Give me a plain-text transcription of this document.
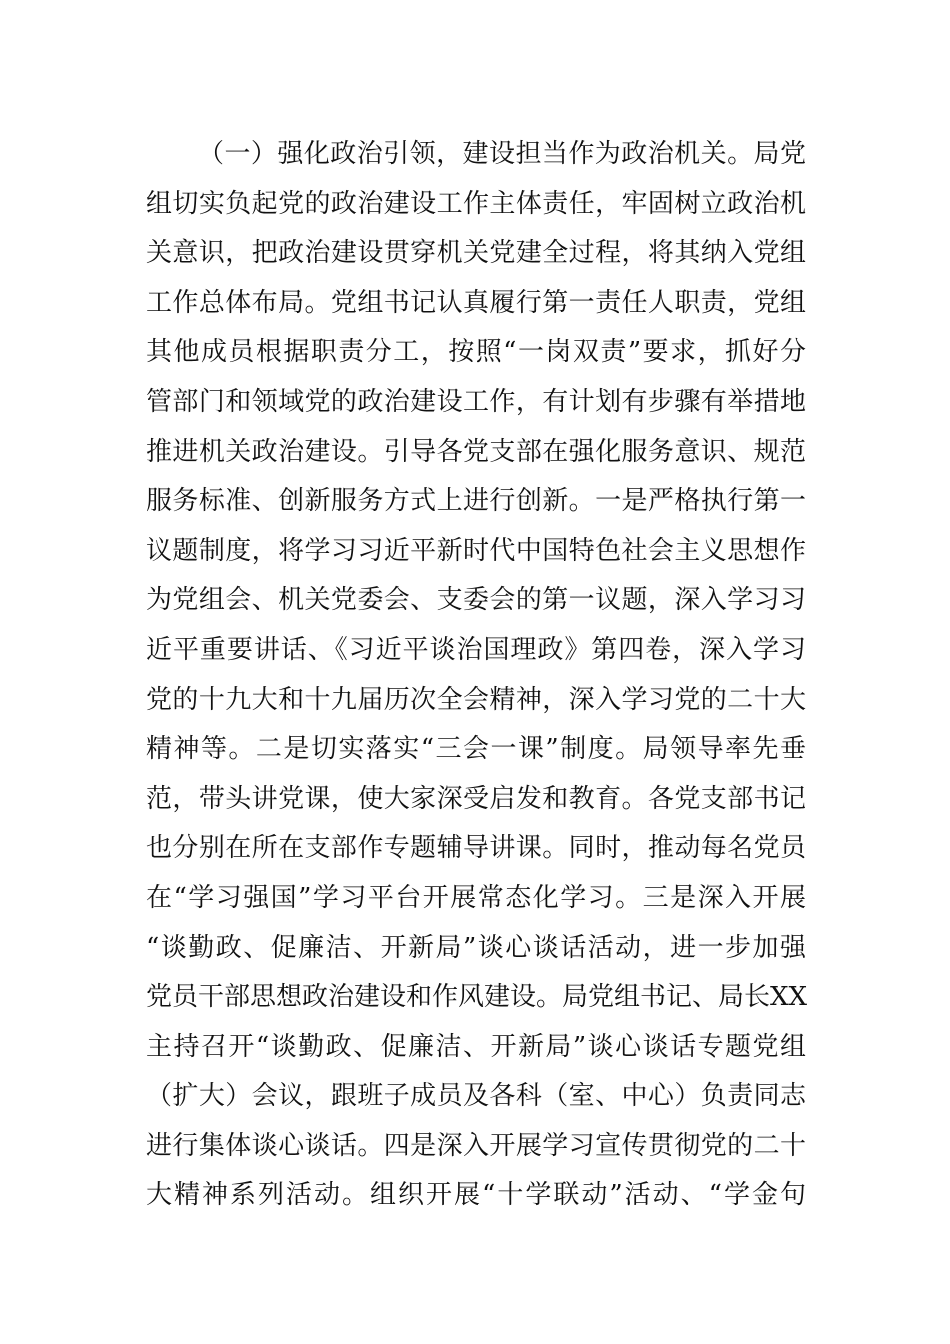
（一）强化政治引领，建设担当作为政治机关。局党
组切实负起党的政治建设工作主体责任，牢固树立政治机
关意识，把政治建设贯穿机关党建全过程，将其纳入党组
工作总体布局。党组书记认真履行第一责任人职责，党组
其他成员根据职责分工，按照“一岗双责”要求，抓好分
管部门和领域党的政治建设工作，有计划有步骤有举措地
推进机关政治建设。引导各党支部在强化服务意识、规范
服务标准、创新服务方式上进行创新。一是严格执行第一
议题制度，将学习习近平新时代中国特色社会主义思想作
为党组会、机关党委会、支委会的第一议题，深入学习习
近平重要讲话、《习近平谈治国理政》第四卷，深入学习
党的十九大和十九届历次全会精神，深入学习党的二十大
精神等。二是切实落实“三会一课”制度。局领导率先垂
范，带头讲党课，使大家深受启发和教育。各党支部书记
也分别在所在支部作专题辅导讲课。同时，推动每名党员
在“学习强国”学习平台开展常态化学习。三是深入开展
“谈勤政、促廉洁、开新局”谈心谈话活动，进一步加强
党员干部思想政治建设和作风建设。局党组书记、局长XX
主持召开“谈勤政、促廉洁、开新局”谈心谈话专题党组
（扩大）会议，跟班子成员及各科（室、中心）负责同志
进行集体谈心谈话。四是深入开展学习宣传贯彻党的二十
大精神系列活动。组织开展“十学联动”活动、“学金句
